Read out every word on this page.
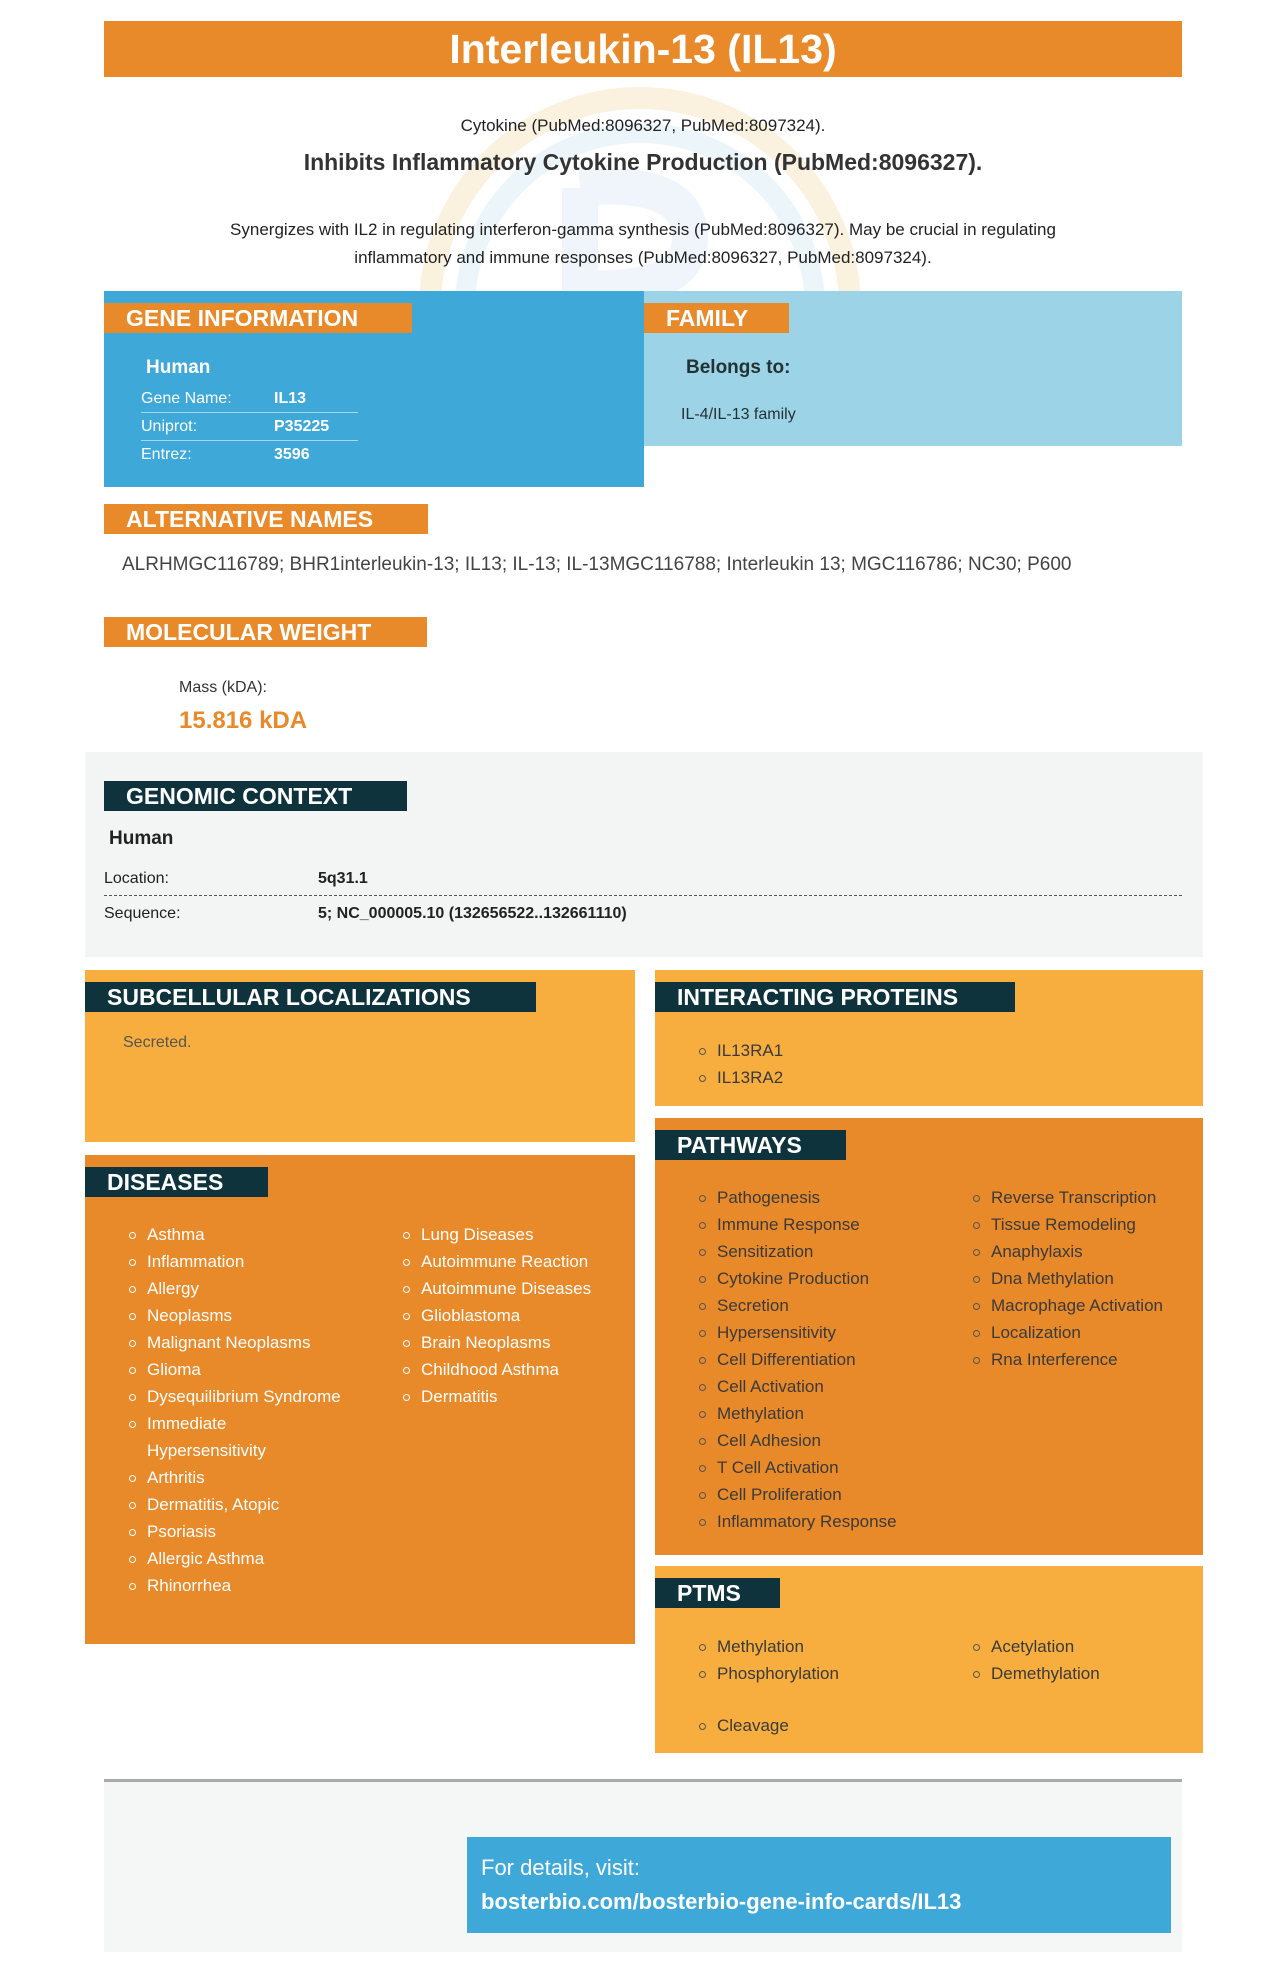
Interleukin-13 (IL13)
Cytokine (PubMed:8096327, PubMed:8097324).
Inhibits Inflammatory Cytokine Production (PubMed:8096327).
Synergizes with IL2 in regulating interferon-gamma synthesis (PubMed:8096327). May be crucial in regulating inflammatory and immune responses (PubMed:8096327, PubMed:8097324).
GENE INFORMATION
Human
Gene Name:	IL13
Uniprot:	P35225
Entrez:	3596
FAMILY
Belongs to:
IL-4/IL-13 family
ALTERNATIVE NAMES
ALRHMGC116789; BHR1interleukin-13; IL13; IL-13; IL-13MGC116788; Interleukin 13; MGC116786; NC30; P600
MOLECULAR WEIGHT
Mass (kDA):
15.816 kDA
GENOMIC CONTEXT
Human
Location:	5q31.1
Sequence:	5; NC_000005.10 (132656522..132661110)
SUBCELLULAR LOCALIZATIONS
Secreted.
INTERACTING PROTEINS
IL13RA1
IL13RA2
DISEASES
Asthma
Inflammation
Allergy
Neoplasms
Malignant Neoplasms
Glioma
Dysequilibrium Syndrome
Immediate Hypersensitivity
Arthritis
Dermatitis, Atopic
Psoriasis
Allergic Asthma
Rhinorrhea
Lung Diseases
Autoimmune Reaction
Autoimmune Diseases
Glioblastoma
Brain Neoplasms
Childhood Asthma
Dermatitis
PATHWAYS
Pathogenesis
Immune Response
Sensitization
Cytokine Production
Secretion
Hypersensitivity
Cell Differentiation
Cell Activation
Methylation
Cell Adhesion
T Cell Activation
Cell Proliferation
Inflammatory Response
Reverse Transcription
Tissue Remodeling
Anaphylaxis
Dna Methylation
Macrophage Activation
Localization
Rna Interference
PTMS
Methylation
Phosphorylation
Acetylation
Demethylation
Cleavage
For details, visit:
bosterbio.com/bosterbio-gene-info-cards/IL13
